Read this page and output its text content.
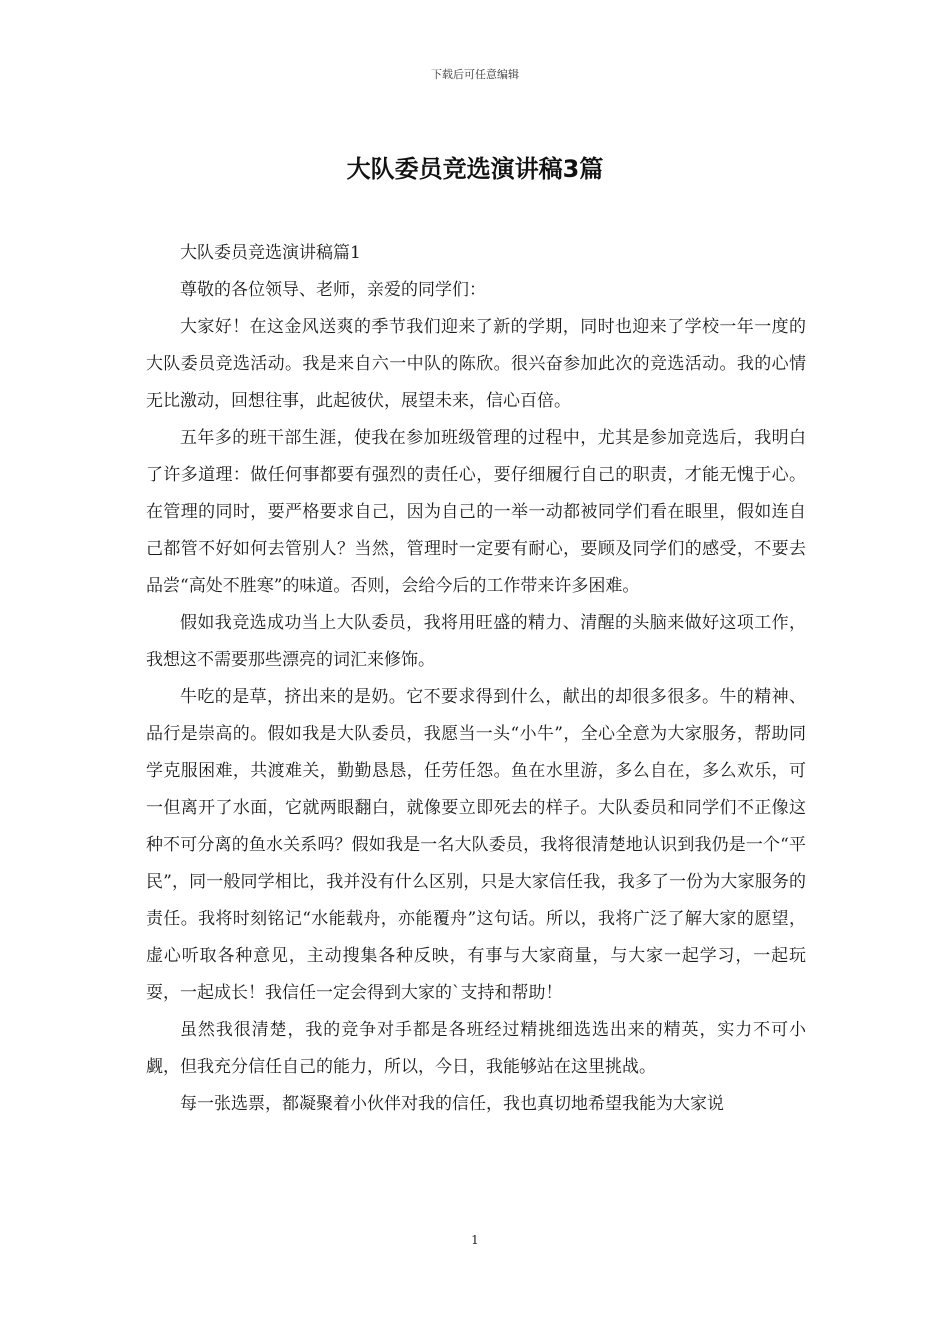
下载后可任意编辑
大队委员竞选演讲稿3篇

大队委员竞选演讲稿篇1

尊敬的各位领导、老师，亲爱的同学们：

大家好！在这金风送爽的季节我们迎来了新的学期，同时也迎来了学校一年一度的大队委员竞选活动。我是来自六一中队的陈欣。很兴奋参加此次的竞选活动。我的心情无比激动，回想往事，此起彼伏，展望未来，信心百倍。

五年多的班干部生涯，使我在参加班级管理的过程中，尤其是参加竞选后，我明白了许多道理：做任何事都要有强烈的责任心，要仔细履行自己的职责，才能无愧于心。在管理的同时，要严格要求自己，因为自己的一举一动都被同学们看在眼里，假如连自己都管不好如何去管别人？当然，管理时一定要有耐心，要顾及同学们的感受，不要去品尝“高处不胜寒”的味道。否则，会给今后的工作带来许多困难。

假如我竞选成功当上大队委员，我将用旺盛的精力、清醒的头脑来做好这项工作，我想这不需要那些漂亮的词汇来修饰。

牛吃的是草，挤出来的是奶。它不要求得到什么，献出的却很多很多。牛的精神、品行是崇高的。假如我是大队委员，我愿当一头“小牛”，全心全意为大家服务，帮助同学克服困难，共渡难关，勤勤恳恳，任劳任怨。鱼在水里游，多么自在，多么欢乐，可一但离开了水面，它就两眼翻白，就像要立即死去的样子。大队委员和同学们不正像这种不可分离的鱼水关系吗？假如我是一名大队委员，我将很清楚地认识到我仍是一个“平民”，同一般同学相比，我并没有什么区别，只是大家信任我，我多了一份为大家服务的责任。我将时刻铭记“水能载舟，亦能覆舟”这句话。所以，我将广泛了解大家的愿望，虚心听取各种意见，主动搜集各种反映，有事与大家商量，与大家一起学习，一起玩耍，一起成长！我信任一定会得到大家的`支持和帮助！

虽然我很清楚，我的竞争对手都是各班经过精挑细选选出来的精英，实力不可小觑，但我充分信任自己的能力，所以，今日，我能够站在这里挑战。

每一张选票，都凝聚着小伙伴对我的信任，我也真切地希望我能为大家说

1
